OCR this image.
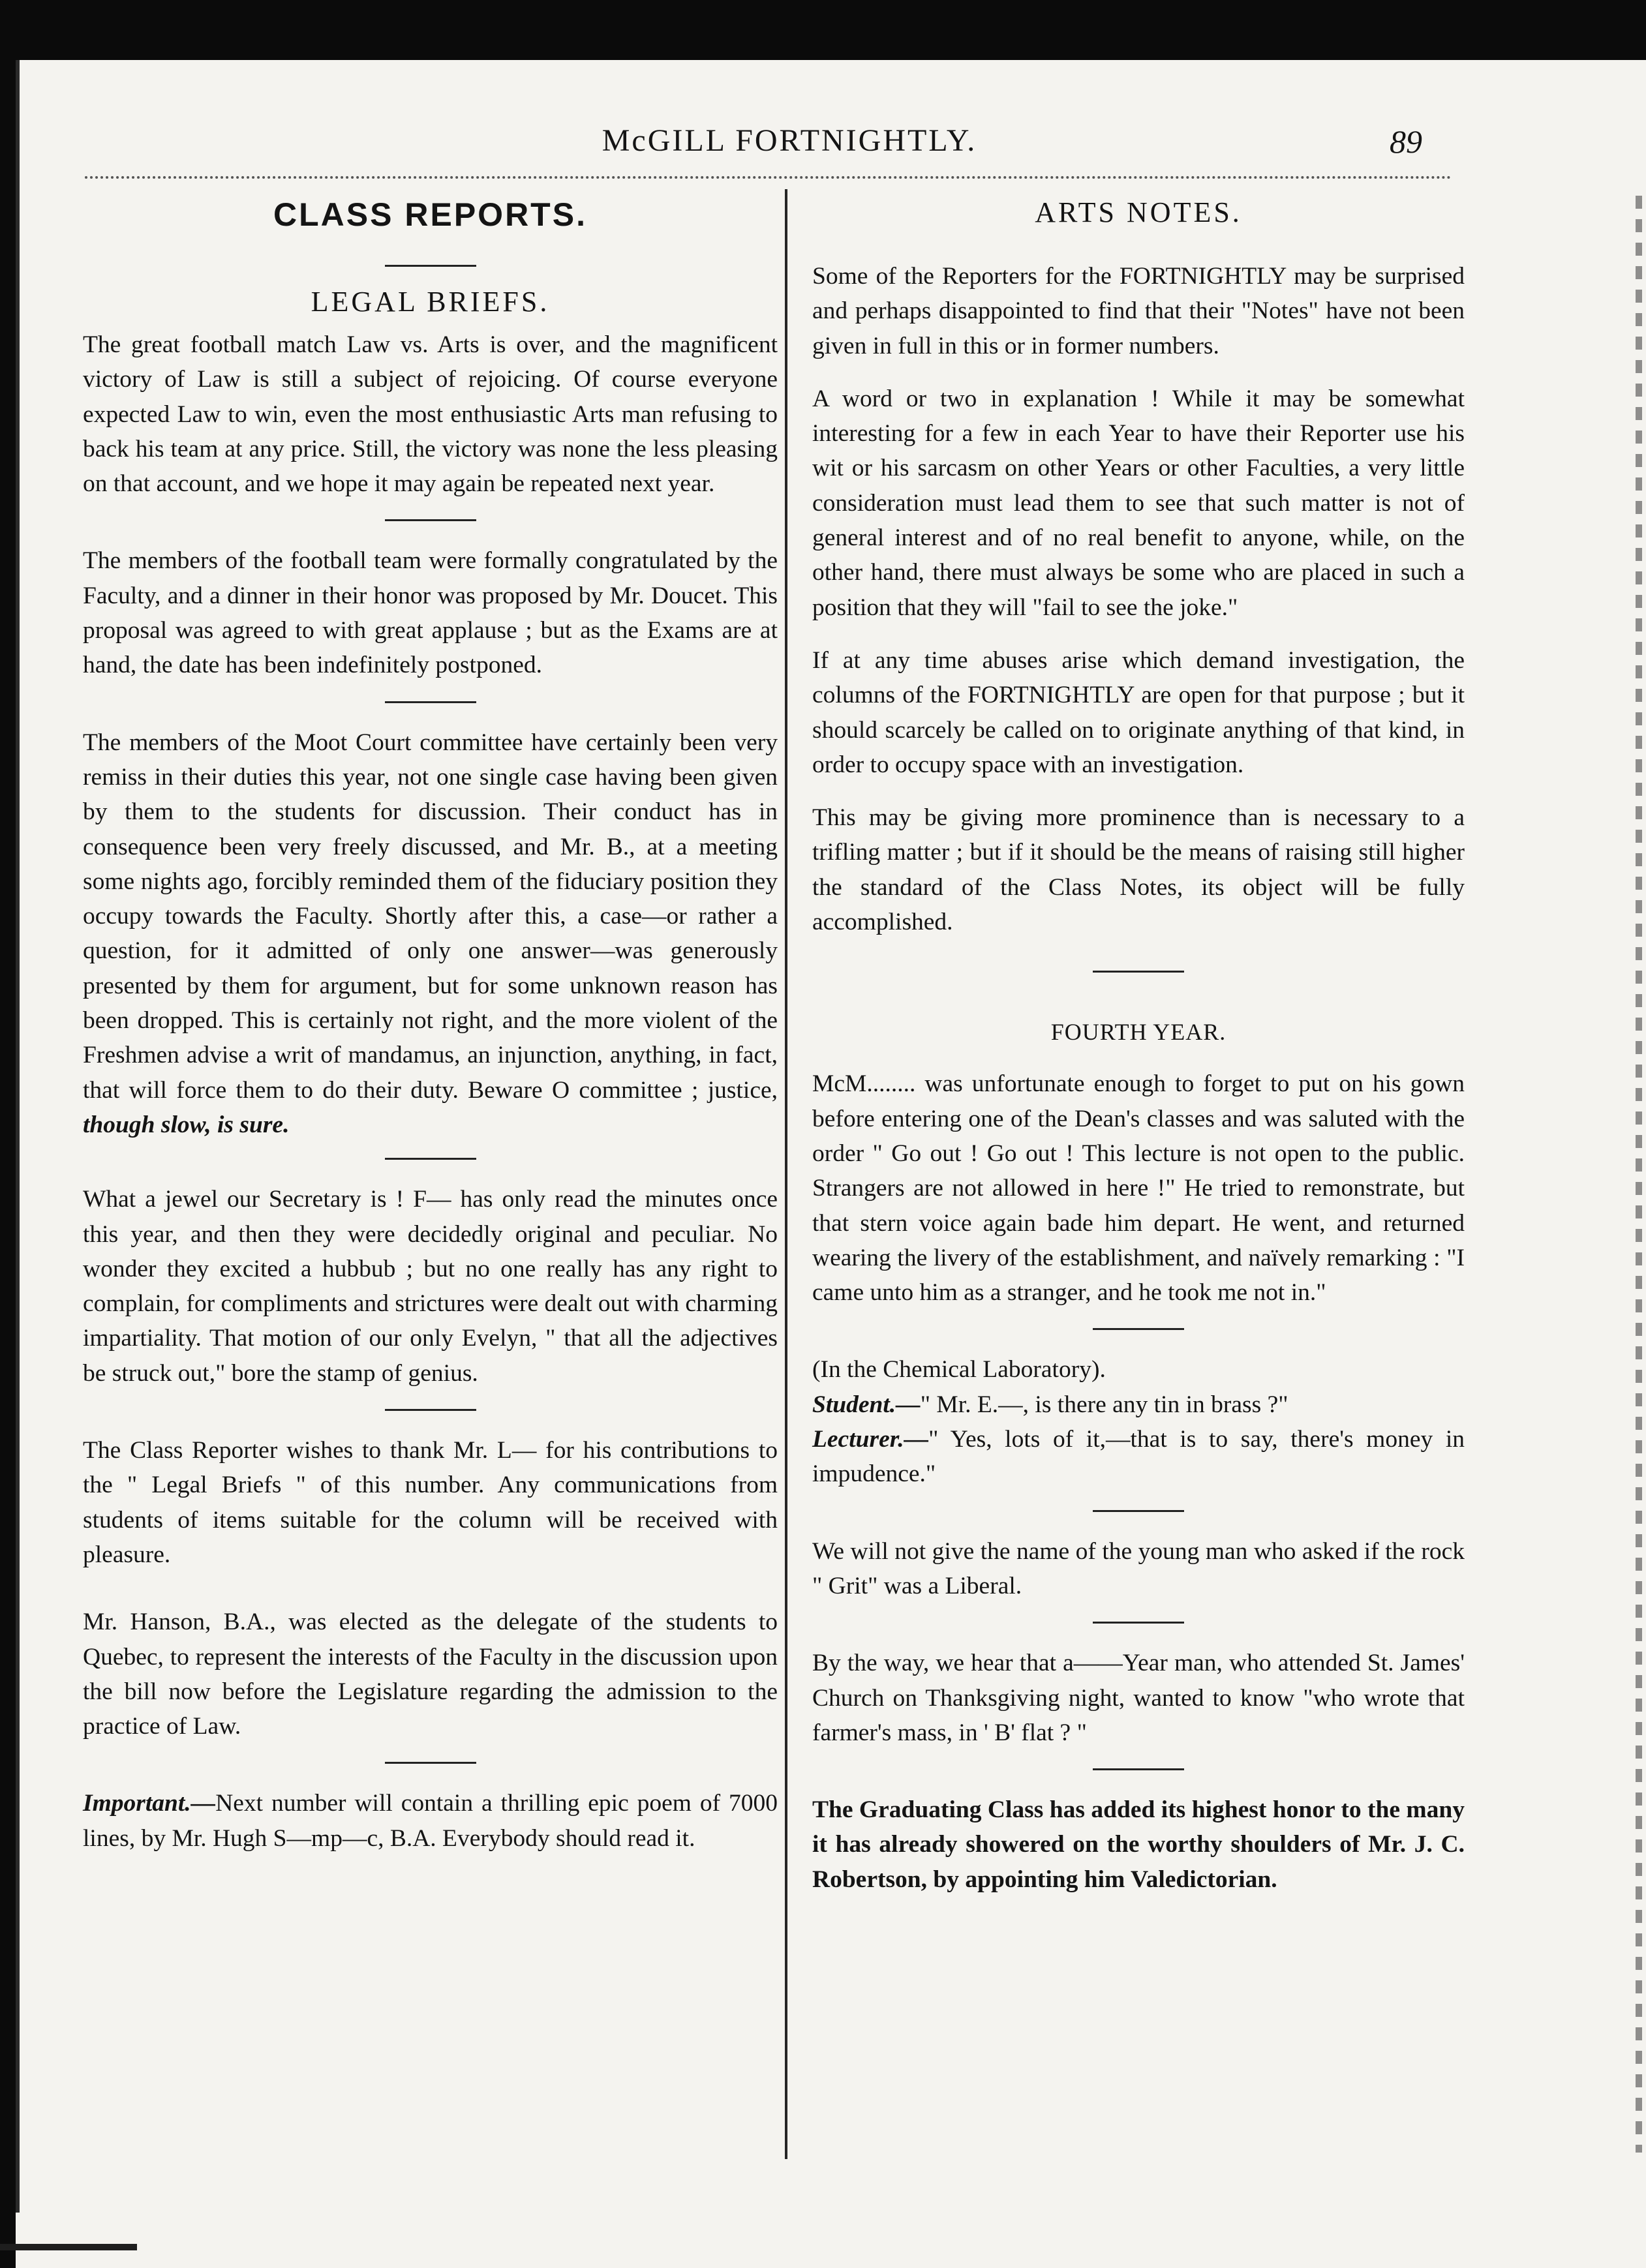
McGILL FORTNIGHTLY.	89
CLASS REPORTS.
LEGAL BRIEFS.

The great football match Law vs. Arts is over, and the magnificent victory of Law is still a subject of rejoicing. Of course everyone expected Law to win, even the most enthusiastic Arts man refusing to back his team at any price. Still, the victory was none the less pleasing on that account, and we hope it may again be repeated next year.

The members of the football team were formally congratulated by the Faculty, and a dinner in their honor was proposed by Mr. Doucet. This proposal was agreed to with great applause ; but as the Exams are at hand, the date has been indefinitely postponed.

The members of the Moot Court committee have certainly been very remiss in their duties this year, not one single case having been given by them to the students for discussion. Their conduct has in consequence been very freely discussed, and Mr. B., at a meeting some nights ago, forcibly reminded them of the fiduciary position they occupy towards the Faculty. Shortly after this, a case—or rather a question, for it admitted of only one answer—was generously presented by them for argument, but for some unknown reason has been dropped. This is certainly not right, and the more violent of the Freshmen advise a writ of mandamus, an injunction, anything, in fact, that will force them to do their duty. Beware O committee ; justice, though slow, is sure.

What a jewel our Secretary is ! F— has only read the minutes once this year, and then they were decidedly original and peculiar. No wonder they excited a hubbub ; but no one really has any right to complain, for compliments and strictures were dealt out with charming impartiality. That motion of our only Evelyn, " that all the adjectives be struck out," bore the stamp of genius.

The Class Reporter wishes to thank Mr. L— for his contributions to the " Legal Briefs " of this number. Any communications from students of items suitable for the column will be received with pleasure.

Mr. Hanson, B.A., was elected as the delegate of the students to Quebec, to represent the interests of the Faculty in the discussion upon the bill now before the Legislature regarding the admission to the practice of Law.

Important.—Next number will contain a thrilling epic poem of 7000 lines, by Mr. Hugh S—mp—c, B.A. Everybody should read it.

ARTS NOTES.

Some of the Reporters for the FORTNIGHTLY may be surprised and perhaps disappointed to find that their "Notes" have not been given in full in this or in former numbers.

A word or two in explanation ! While it may be somewhat interesting for a few in each Year to have their Reporter use his wit or his sarcasm on other Years or other Faculties, a very little consideration must lead them to see that such matter is not of general interest and of no real benefit to anyone, while, on the other hand, there must always be some who are placed in such a position that they will "fail to see the joke."

If at any time abuses arise which demand investigation, the columns of the FORTNIGHTLY are open for that purpose ; but it should scarcely be called on to originate anything of that kind, in order to occupy space with an investigation.

This may be giving more prominence than is necessary to a trifling matter ; but if it should be the means of raising still higher the standard of the Class Notes, its object will be fully accomplished.

FOURTH YEAR.

McM........ was unfortunate enough to forget to put on his gown before entering one of the Dean's classes and was saluted with the order " Go out ! Go out ! This lecture is not open to the public. Strangers are not allowed in here !" He tried to remonstrate, but that stern voice again bade him depart. He went, and returned wearing the livery of the establishment, and naïvely remarking : "I came unto him as a stranger, and he took me not in."

(In the Chemical Laboratory).

Student.—" Mr. E.—, is there any tin in brass ?"

Lecturer.—" Yes, lots of it,—that is to say, there's money in impudence."

We will not give the name of the young man who asked if the rock " Grit" was a Liberal.

By the way, we hear that a——Year man, who attended St. James' Church on Thanksgiving night, wanted to know "who wrote that farmer's mass, in ' B' flat ? "

The Graduating Class has added its highest honor to the many it has already showered on the worthy shoulders of Mr. J. C. Robertson, by appointing him Valedictorian.
